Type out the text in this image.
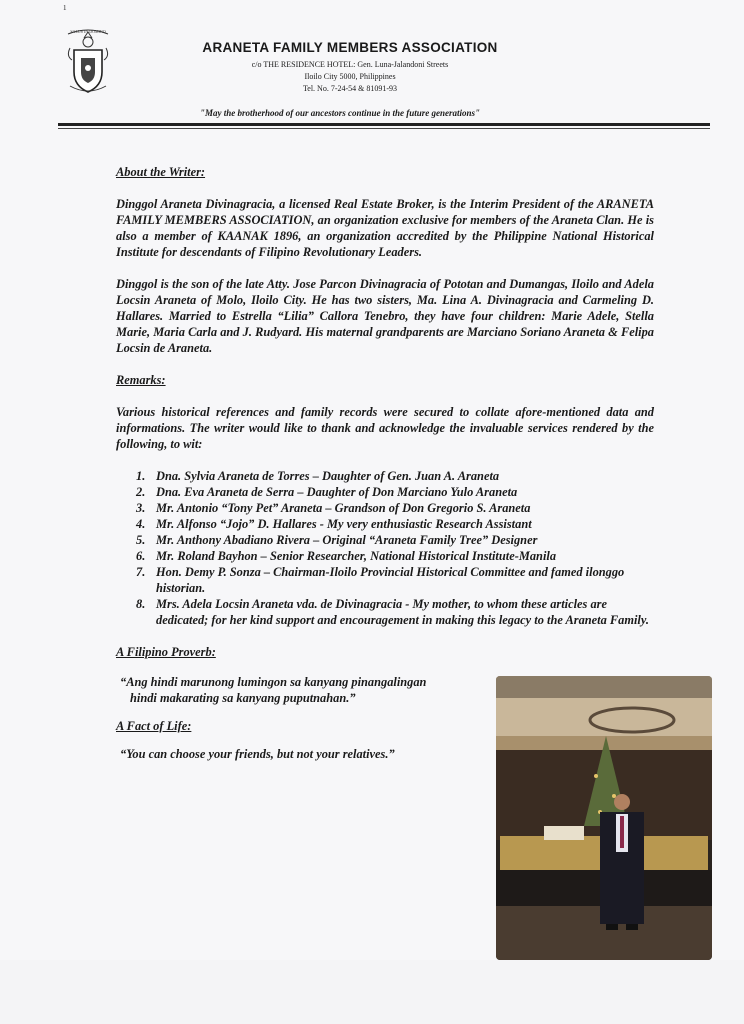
1
SALUS IN DOMINO
ARANETA FAMILY MEMBERS ASSOCIATION
c/o THE RESIDENCE HOTEL: Gen. Luna-Jalandoni Streets
Iloilo City 5000, Philippines
Tel. No. 7-24-54 & 81091-93
"May the brotherhood of our ancestors continue in the future generations"

About the Writer:

Dinggol Araneta Divinagracia, a licensed Real Estate Broker, is the Interim President of the ARANETA FAMILY MEMBERS ASSOCIATION, an organization exclusive for members of the Araneta Clan. He is also a member of KAANAK 1896, an organization accredited by the Philippine National Historical Institute for descendants of Filipino Revolutionary Leaders.

Dinggol is the son of the late Atty. Jose Parcon Divinagracia of Pototan and Dumangas, Iloilo and Adela Locsin Araneta of Molo, Iloilo City. He has two sisters, Ma. Lina A. Divinagracia and Carmeling D. Hallares. Married to Estrella “Lilia” Callora Tenebro, they have four children: Marie Adele, Stella Marie, Maria Carla and J. Rudyard. His maternal grandparents are Marciano Soriano Araneta & Felipa Locsin de Araneta.

Remarks:

Various historical references and family records were secured to collate afore-mentioned data and informations. The writer would like to thank and acknowledge the invaluable services rendered by the following, to wit:

1. Dna. Sylvia Araneta de Torres – Daughter of Gen. Juan A. Araneta
2. Dna. Eva Araneta de Serra – Daughter of Don Marciano Yulo Araneta
3. Mr. Antonio “Tony Pet” Araneta – Grandson of Don Gregorio S. Araneta
4. Mr. Alfonso “Jojo” D. Hallares - My very enthusiastic Research Assistant
5. Mr. Anthony Abadiano Rivera – Original “Araneta Family Tree” Designer
6. Mr. Roland Bayhon – Senior Researcher, National Historical Institute-Manila
7. Hon. Demy P. Sonza – Chairman-Iloilo Provincial Historical Committee and famed ilonggo historian.
8. Mrs. Adela Locsin Araneta vda. de Divinagracia - My mother, to whom these articles are dedicated; for her kind support and encouragement in making this legacy to the Araneta Family.

A Filipino Proverb:

“Ang hindi marunong lumingon sa kanyang pinangalingan

hindi makarating sa kanyang puputnahan.”

A Fact of Life:

“You can choose your friends, but not your relatives.”
